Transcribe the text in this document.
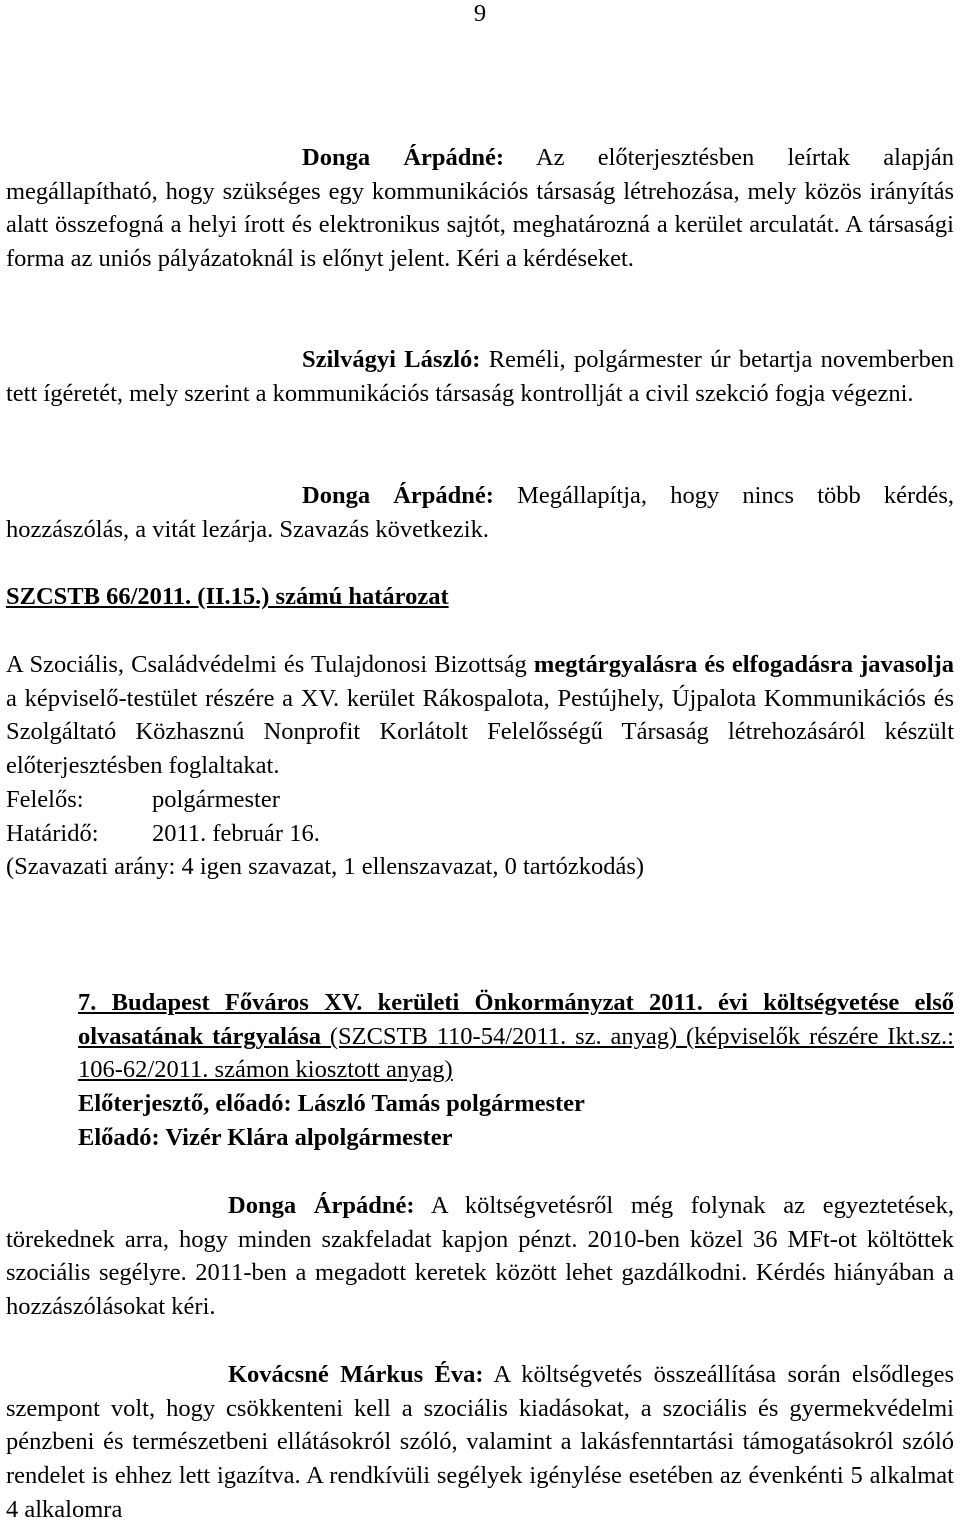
9

Donga Árpádné: Az előterjesztésben leírtak alapján megállapítható, hogy szükséges egy kommunikációs társaság létrehozása, mely közös irányítás alatt összefogná a helyi írott és elektronikus sajtót, meghatározná a kerület arculatát. A társasági forma az uniós pályázatoknál is előnyt jelent. Kéri a kérdéseket.

Szilvágyi László: Reméli, polgármester úr betartja novemberben tett ígéretét, mely szerint a kommunikációs társaság kontrollját a civil szekció fogja végezni.

Donga Árpádné: Megállapítja, hogy nincs több kérdés, hozzászólás, a vitát lezárja. Szavazás következik.

SZCSTB 66/2011. (II.15.) számú határozat

A Szociális, Családvédelmi és Tulajdonosi Bizottság megtárgyalásra és elfogadásra javasolja a képviselő-testület részére a XV. kerület Rákospalota, Pestújhely, Újpalota Kommunikációs és Szolgáltató Közhasznú Nonprofit Korlátolt Felelősségű Társaság létrehozásáról készült előterjesztésben foglaltakat.

Felelős:	polgármester

Határidő: 2011. február 16.

(Szavazati arány: 4 igen szavazat, 1 ellenszavazat, 0 tartózkodás)

7. Budapest Főváros XV. kerületi Önkormányzat 2011. évi költségvetése első olvasatának tárgyalása (SZCSTB 110-54/2011. sz. anyag) (képviselők részére Ikt.sz.: 106-62/2011. számon kiosztott anyag)

Előterjesztő, előadó: László Tamás polgármester

Előadó: Vizér Klára alpolgármester

Donga Árpádné: A költségvetésről még folynak az egyeztetések, törekednek arra, hogy minden szakfeladat kapjon pénzt. 2010-ben közel 36 MFt-ot költöttek szociális segélyre. 2011-ben a megadott keretek között lehet gazdálkodni. Kérdés hiányában a hozzászólásokat kéri.

Kovácsné Márkus Éva: A költségvetés összeállítása során elsődleges szempont volt, hogy csökkenteni kell a szociális kiadásokat, a szociális és gyermekvédelmi pénzbeni és természetbeni ellátásokról szóló, valamint a lakásfenntartási támogatásokról szóló rendelet is ehhez lett igazítva. A rendkívüli segélyek igénylése esetében az évenkénti 5 alkalmat 4 alkalomra
